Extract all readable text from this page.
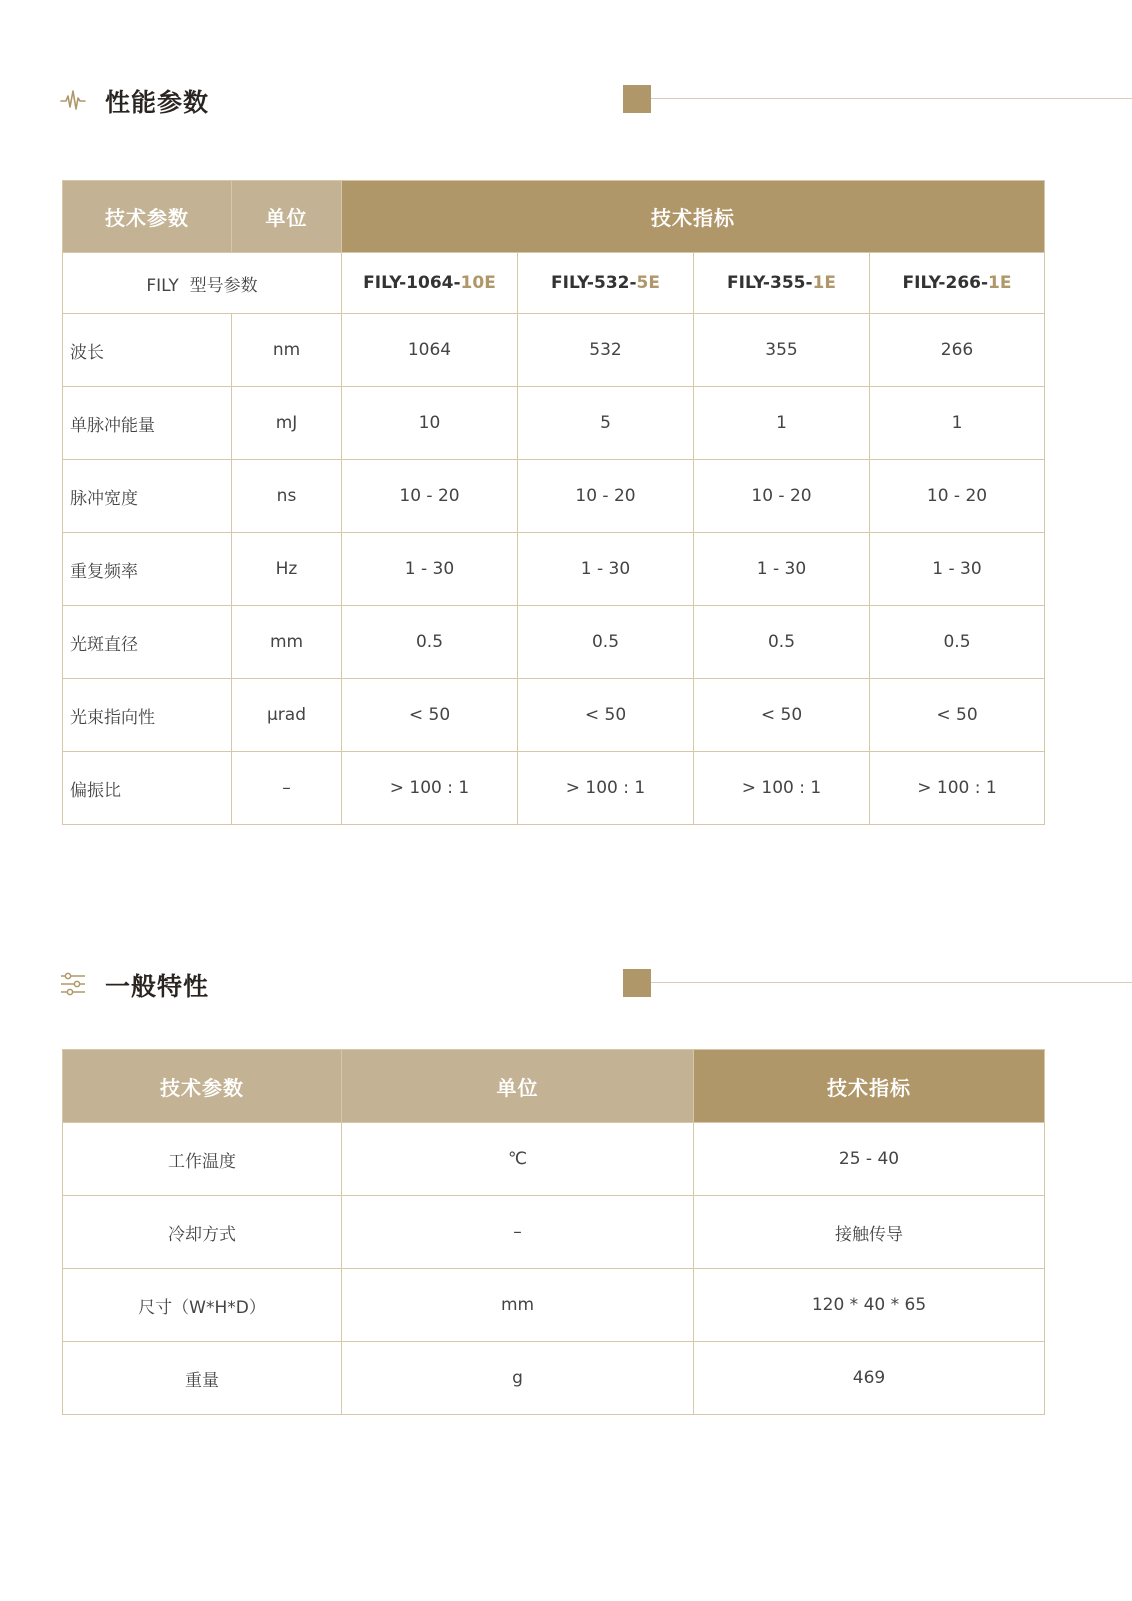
性能参数
技术参数	单位	技术指标			
FILY  型号参数		FILY-1064-10E	FILY-532-5E	FILY-355-1E	FILY-266-1E
波长	nm	1064	532	355	266
单脉冲能量	mJ	10	5	1	1
脉冲宽度	ns	10 - 20	10 - 20	10 - 20	10 - 20
重复频率	Hz	1 - 30	1 - 30	1 - 30	1 - 30
光斑直径	mm	0.5	0.5	0.5	0.5
光束指向性	μrad	< 50	< 50	< 50	< 50
偏振比	–	> 100 : 1	> 100 : 1	> 100 : 1	> 100 : 1
一般特性
技术参数	单位	技术指标
工作温度	℃	25 - 40
冷却方式	–	接触传导
尺寸（W*H*D）	mm	120 * 40 * 65
重量	g	469
